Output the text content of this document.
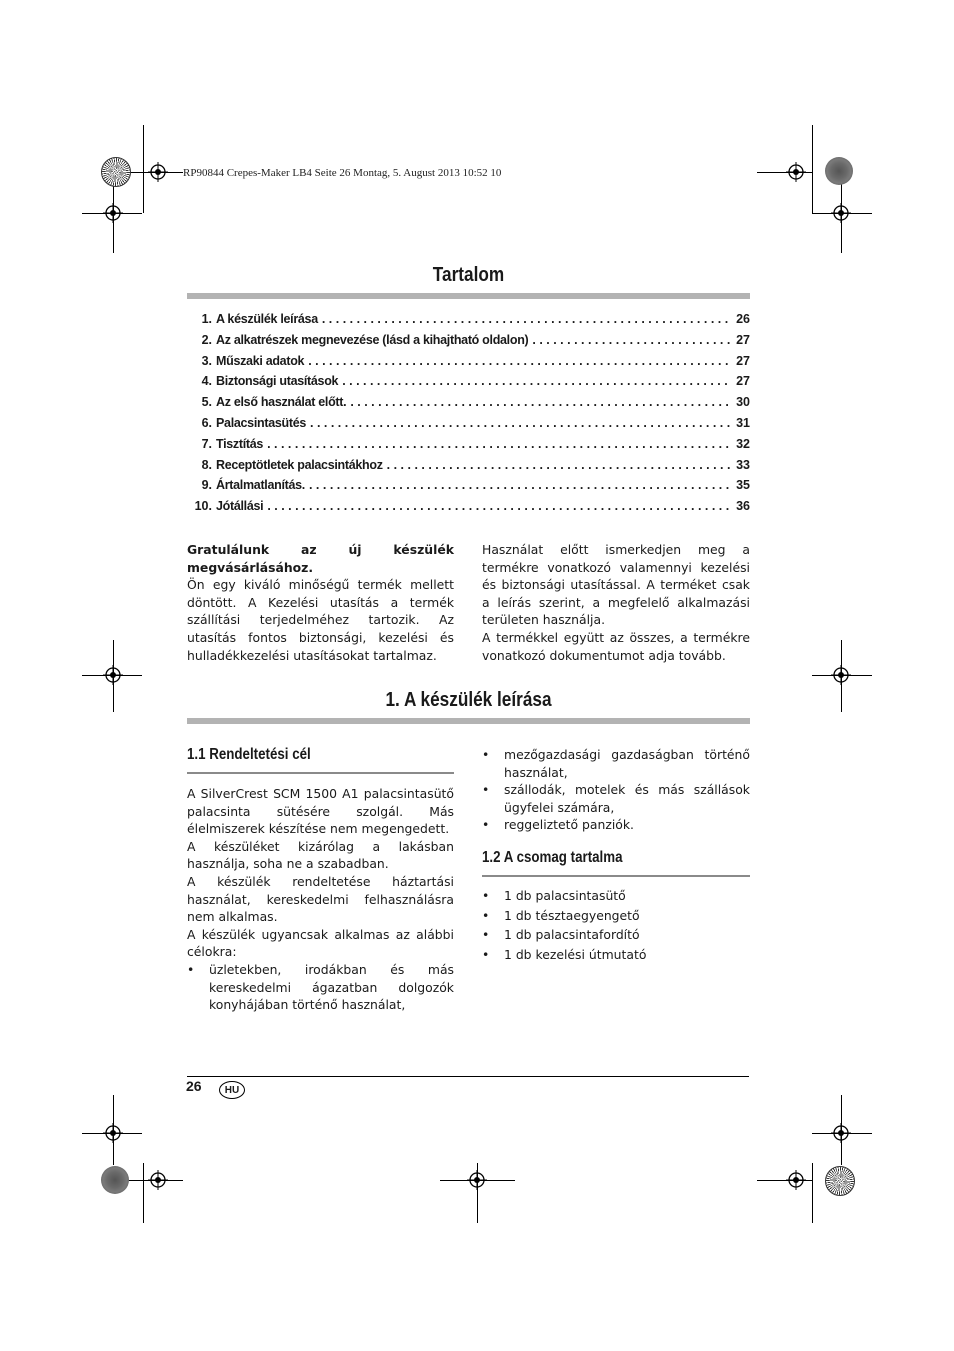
RP90844 Crepes-Maker LB4 Seite 26 Montag, 5. August 2013 10:52 10
Tartalom
1. A készülék leírása . . .	26
2. Az alkatrészek megnevezése (lásd a kihajtható oldalon) . . .	27
3. Műszaki adatok . . .	27
4. Biztonsági utasítások . . .	27
5. Az első használat előtt. . . .	30
6. Palacsintasütés . . .	31
7. Tisztítás . . .	32
8. Receptötletek palacsintákhoz . . .	33
9. Ártalmatlanítás. . . .	35
10. Jótállási . . .	36

Gratulálunk az új készülék megvásárlásához.

Ön egy kiváló minőségű termék mellett döntött. A Kezelési utasítás a termék szállítási terjedelméhez tartozik. Az utasítás fontos biztonsági, kezelési és hulladékkezelési utasításokat tartalmaz.

Használat előtt ismerkedjen meg a termékre vonatkozó valamennyi kezelési és biztonsági utasítással. A terméket csak a leírás szerint, a megfelelő alkalmazási területen használja.

A termékkel együtt az összes, a termékre vonatkozó dokumentumot adja tovább.

1. A készülék leírása
1.1 Rendeltetési cél

A SilverCrest SCM 1500 A1 palacsintasütő palacsinta sütésére szolgál. Más élelmiszerek készítése nem megengedett.

A készüléket kizárólag a lakásban használja, soha ne a szabadban.

A készülék rendeltetése háztartási használat, kereskedelmi felhasználásra nem alkalmas.

A készülék ugyancsak alkalmas az alábbi célokra:

• üzletekben, irodákban és más kereskedelmi ágazatban dolgozók konyhájában történő használat,
• mezőgazdasági gazdaságban történő használat,
• szállodák, motelek és más szállások ügyfelei számára,
• reggeliztető panziók.
1.2 A csomag tartalma
• 1 db palacsintasütő
• 1 db tésztaegyengető
• 1 db palacsintafordító
• 1 db kezelési útmutató
26	HU
